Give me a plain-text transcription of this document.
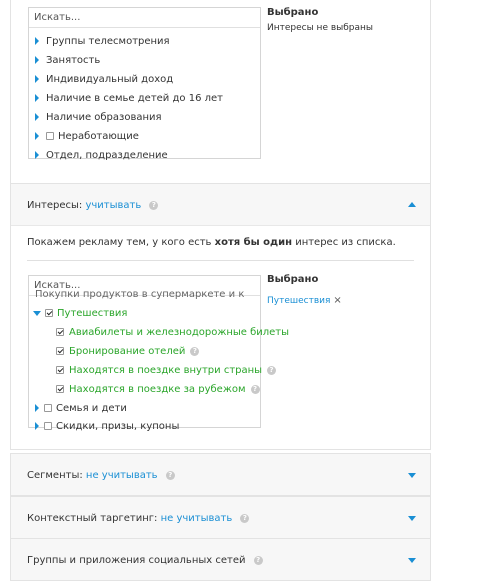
Искать...
Группы телесмотрения
Занятость
Индивидуальный доход
Наличие в семье детей до 16 лет
Наличие образования
Неработающие
Отдел, подразделение
Выбрано
Интересы не выбраны
Интересы: учитывать ?
Покажем рекламу тем, у кого есть хотя бы один интерес из списка.
Искать...
Покупки продуктов в супермаркете и к
Путешествия
Авиабилеты и железнодорожные билеты
Бронирование отелей	?
Находятся в поездке внутри страны	?
Находятся в поездке за рубежом	?
Семья и дети
Скидки, призы, купоны
Выбрано
Путешествия ×
Сегменты: не учитывать ?
Контекстный таргетинг: не учитывать ?
Группы и приложения социальных сетей ?
